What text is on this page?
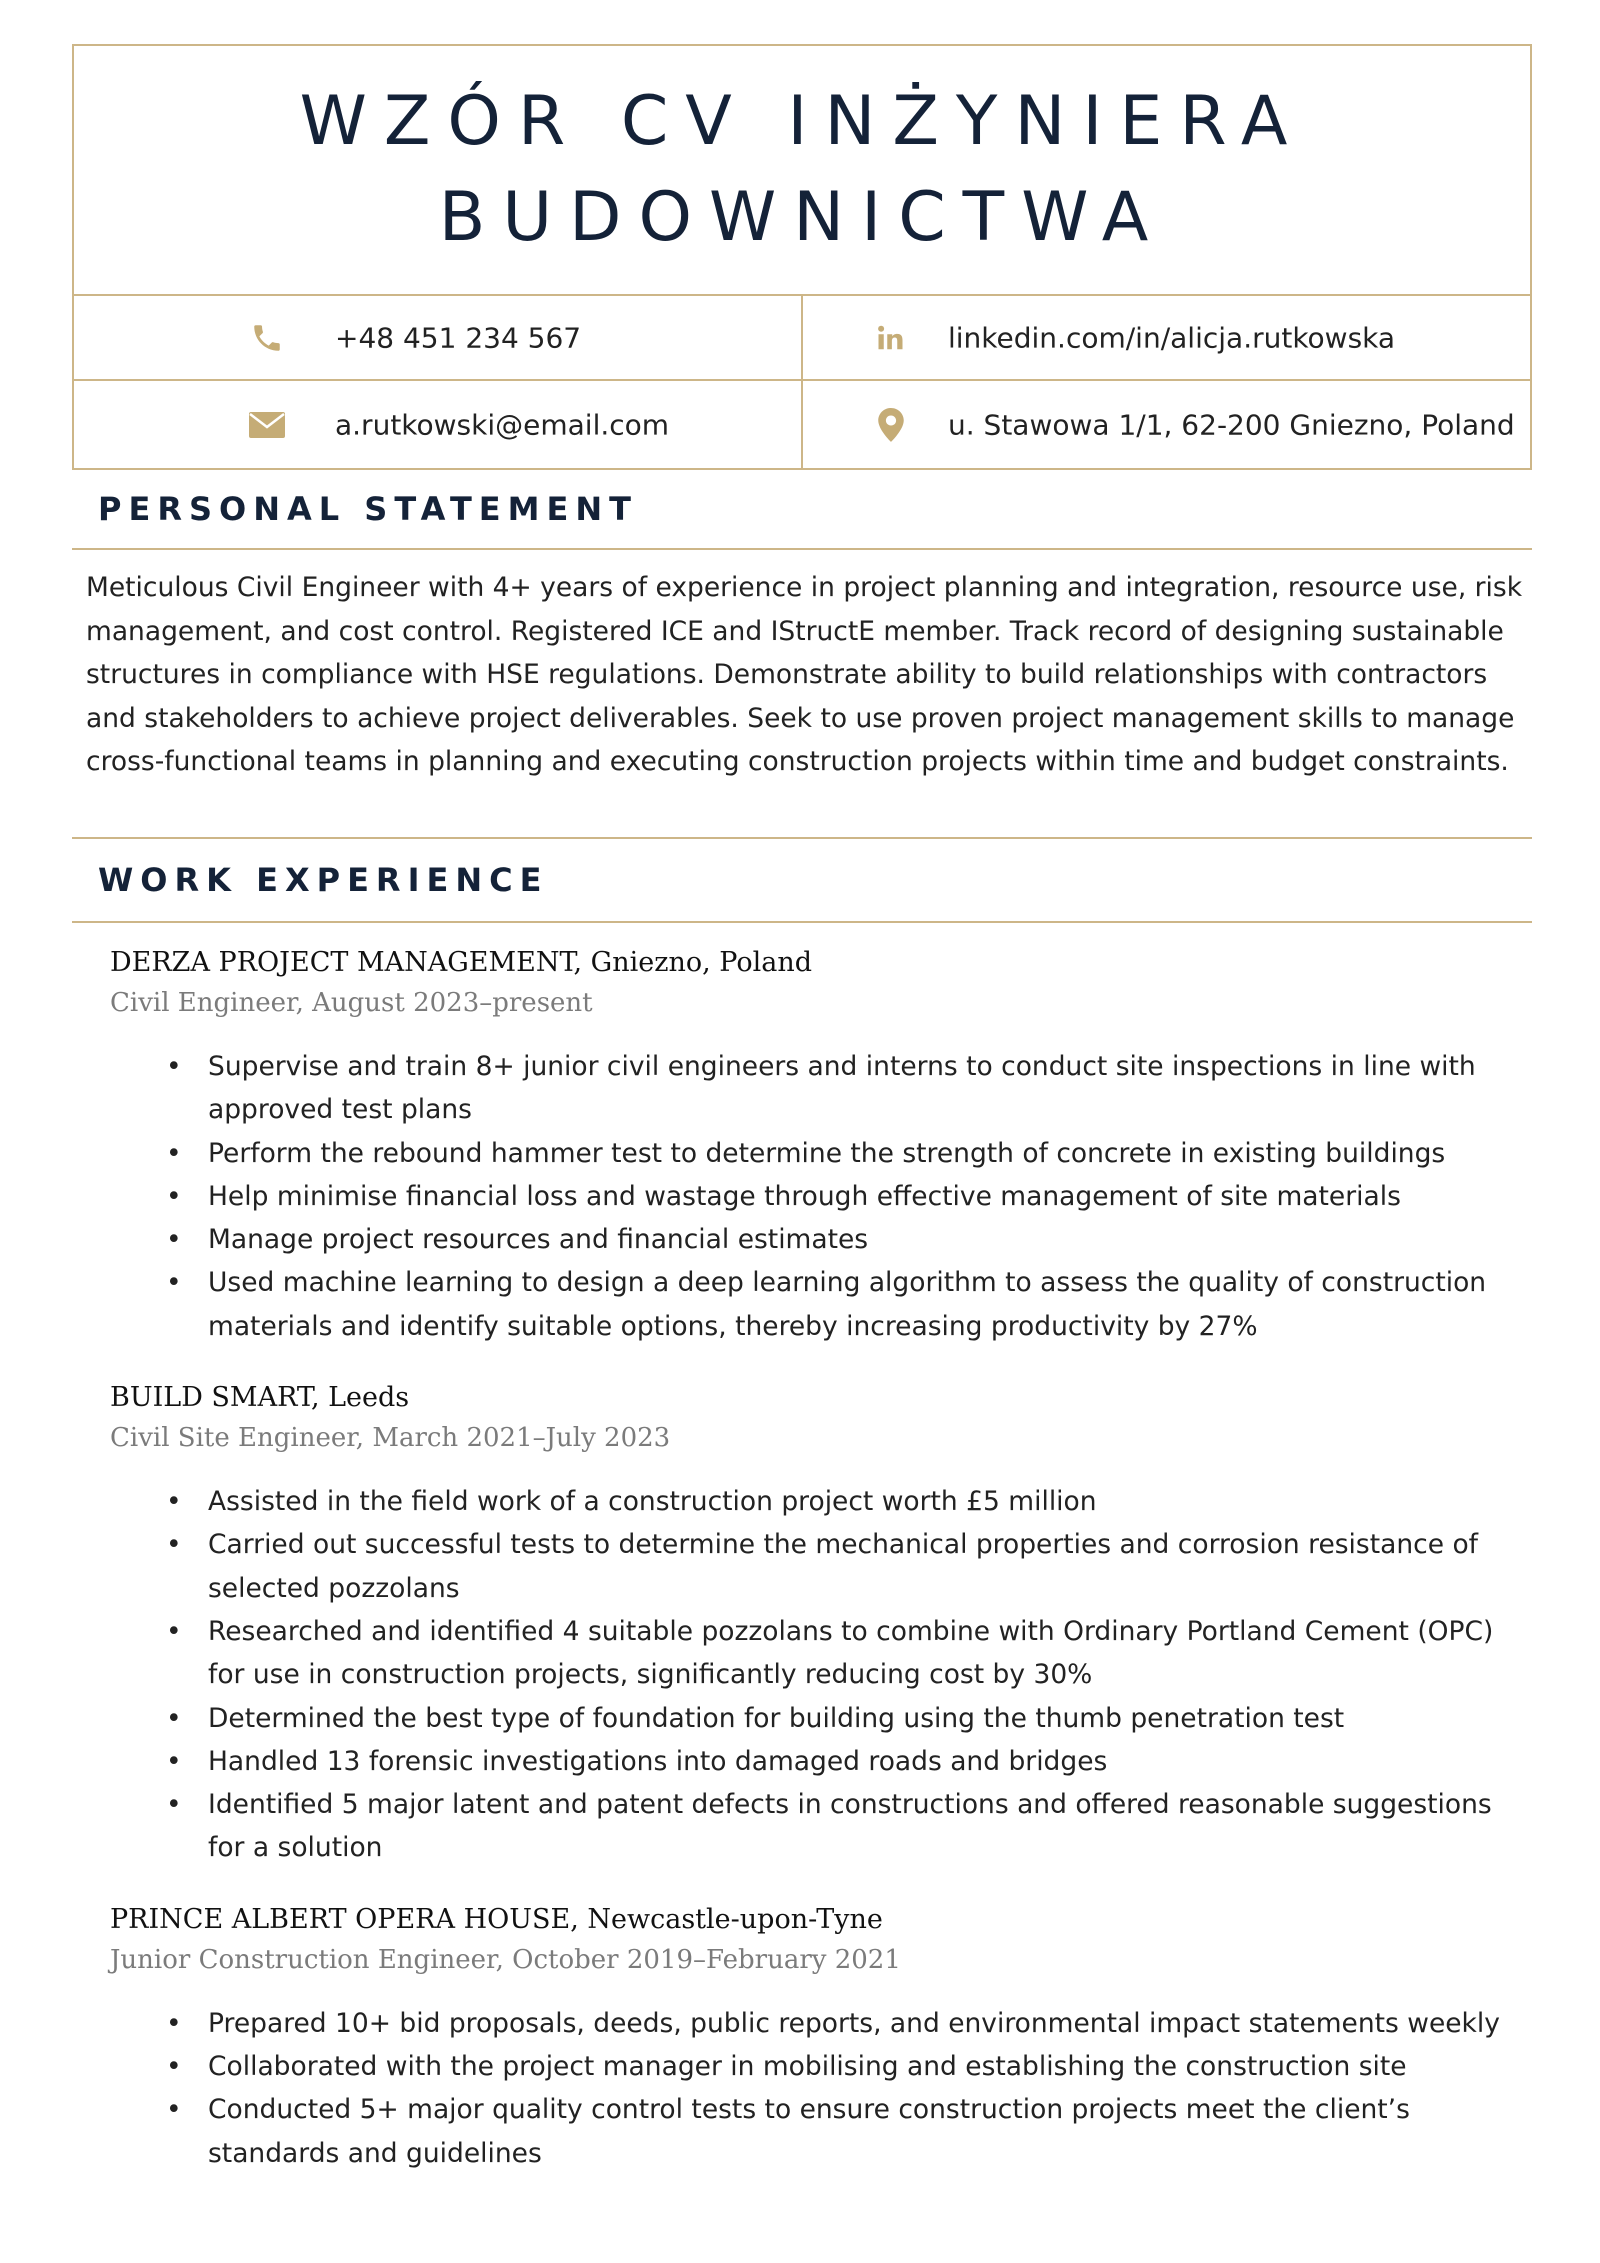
WZÓR CV INŻYNIERA BUDOWNICTWA
+48 451 234 567	linkedin.com/in/alicja.rutkowska
a.rutkowski@email.com	u. Stawowa 1/1, 62-200 Gniezno, Poland
PERSONAL STATEMENT

Meticulous Civil Engineer with 4+ years of experience in project planning and integration, resource use, risk management, and cost control. Registered ICE and IStructE member. Track record of designing sustainable structures in compliance with HSE regulations. Demonstrate ability to build relationships with contractors and stakeholders to achieve project deliverables. Seek to use proven project management skills to manage cross-functional teams in planning and executing construction projects within time and budget constraints.

WORK EXPERIENCE
DERZA PROJECT MANAGEMENT, Gniezno, Poland
Civil Engineer, August 2023–present
• Supervise and train 8+ junior civil engineers and interns to conduct site inspections in line with approved test plans
• Perform the rebound hammer test to determine the strength of concrete in existing buildings
• Help minimise financial loss and wastage through effective management of site materials
• Manage project resources and financial estimates
• Used machine learning to design a deep learning algorithm to assess the quality of construction materials and identify suitable options, thereby increasing productivity by 27%
BUILD SMART, Leeds
Civil Site Engineer, March 2021–July 2023
• Assisted in the field work of a construction project worth £5 million
• Carried out successful tests to determine the mechanical properties and corrosion resistance of selected pozzolans
• Researched and identified 4 suitable pozzolans to combine with Ordinary Portland Cement (OPC) for use in construction projects, significantly reducing cost by 30%
• Determined the best type of foundation for building using the thumb penetration test
• Handled 13 forensic investigations into damaged roads and bridges
• Identified 5 major latent and patent defects in constructions and offered reasonable suggestions for a solution
PRINCE ALBERT OPERA HOUSE, Newcastle-upon-Tyne
Junior Construction Engineer, October 2019–February 2021
• Prepared 10+ bid proposals, deeds, public reports, and environmental impact statements weekly
• Collaborated with the project manager in mobilising and establishing the construction site
• Conducted 5+ major quality control tests to ensure construction projects meet the client’s standards and guidelines
